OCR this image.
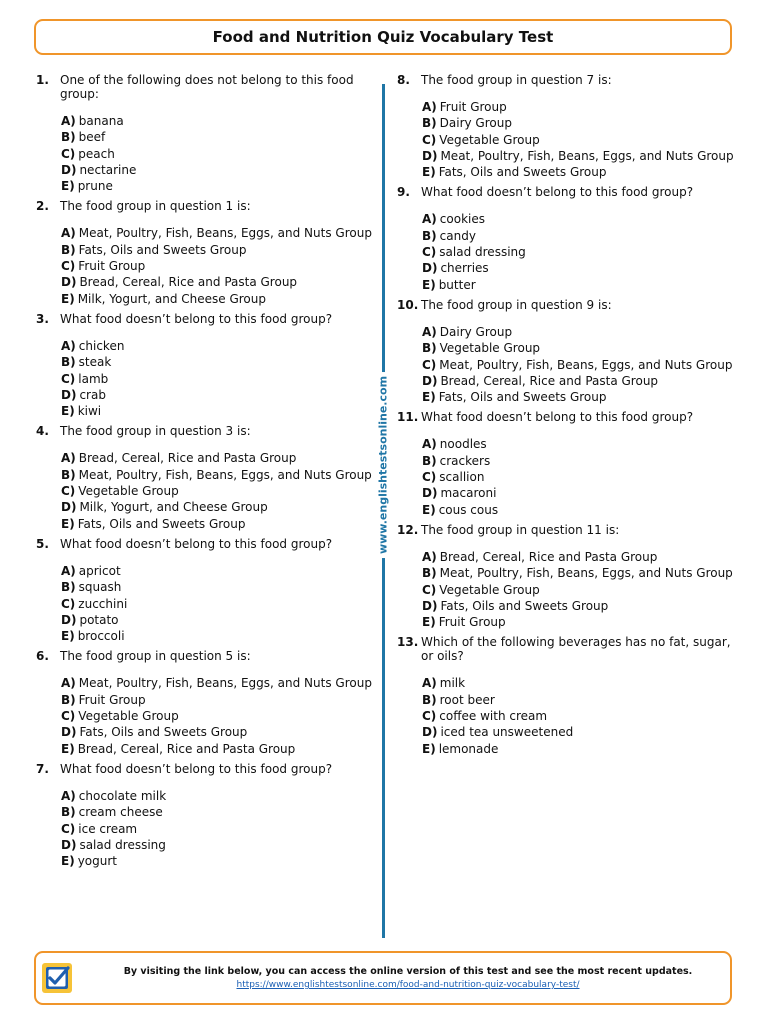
Food and Nutrition Quiz Vocabulary Test
1. One of the following does not belong to this food group:
A) banana
B) beef
C) peach
D) nectarine
E) prune
2. The food group in question 1 is:
A) Meat, Poultry, Fish, Beans, Eggs, and Nuts Group
B) Fats, Oils and Sweets Group
C) Fruit Group
D) Bread, Cereal, Rice and Pasta Group
E) Milk, Yogurt, and Cheese Group
3. What food doesn’t belong to this food group?
A) chicken
B) steak
C) lamb
D) crab
E) kiwi
4. The food group in question 3 is:
A) Bread, Cereal, Rice and Pasta Group
B) Meat, Poultry, Fish, Beans, Eggs, and Nuts Group
C) Vegetable Group
D) Milk, Yogurt, and Cheese Group
E) Fats, Oils and Sweets Group
5. What food doesn’t belong to this food group?
A) apricot
B) squash
C) zucchini
D) potato
E) broccoli
6. The food group in question 5 is:
A) Meat, Poultry, Fish, Beans, Eggs, and Nuts Group
B) Fruit Group
C) Vegetable Group
D) Fats, Oils and Sweets Group
E) Bread, Cereal, Rice and Pasta Group
7. What food doesn’t belong to this food group?
A) chocolate milk
B) cream cheese
C) ice cream
D) salad dressing
E) yogurt
www.englishtestsonline.com
8. The food group in question 7 is:
A) Fruit Group
B) Dairy Group
C) Vegetable Group
D) Meat, Poultry, Fish, Beans, Eggs, and Nuts Group
E) Fats, Oils and Sweets Group
9. What food doesn’t belong to this food group?
A) cookies
B) candy
C) salad dressing
D) cherries
E) butter
10. The food group in question 9 is:
A) Dairy Group
B) Vegetable Group
C) Meat, Poultry, Fish, Beans, Eggs, and Nuts Group
D) Bread, Cereal, Rice and Pasta Group
E) Fats, Oils and Sweets Group
11. What food doesn’t belong to this food group?
A) noodles
B) crackers
C) scallion
D) macaroni
E) cous cous
12. The food group in question 11 is:
A) Bread, Cereal, Rice and Pasta Group
B) Meat, Poultry, Fish, Beans, Eggs, and Nuts Group
C) Vegetable Group
D) Fats, Oils and Sweets Group
E) Fruit Group
13. Which of the following beverages has no fat, sugar, or oils?
A) milk
B) root beer
C) coffee with cream
D) iced tea unsweetened
E) lemonade
By visiting the link below, you can access the online version of this test and see the most recent updates.
https://www.englishtestsonline.com/food-and-nutrition-quiz-vocabulary-test/
